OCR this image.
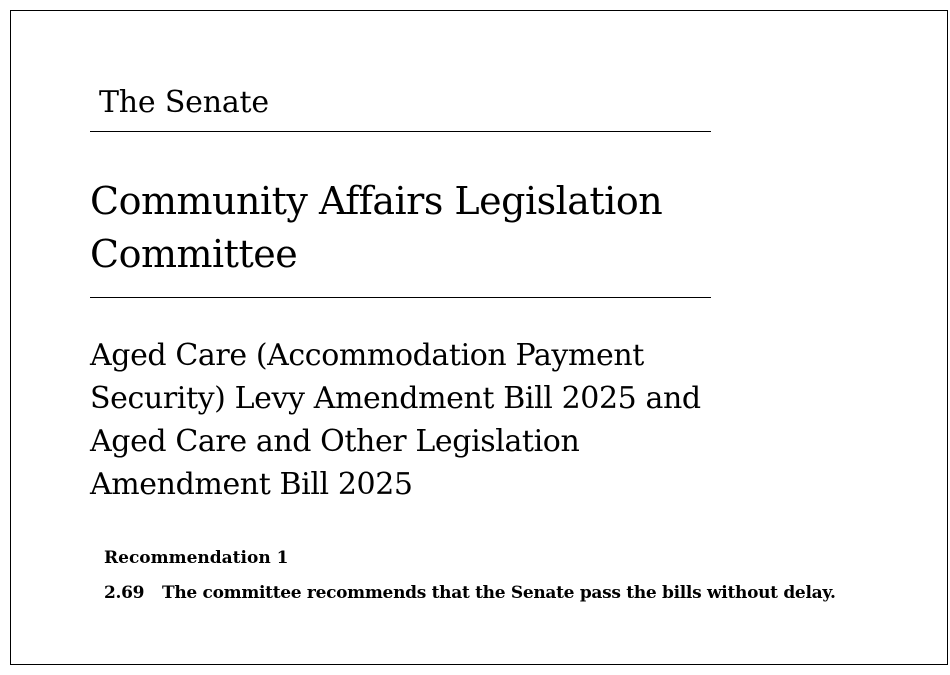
The Senate
Community Affairs Legislation
Committee
Aged Care (Accommodation Payment
Security) Levy Amendment Bill 2025 and
Aged Care and Other Legislation
Amendment Bill 2025

Recommendation 1

2.69 The committee recommends that the Senate pass the bills without delay.
